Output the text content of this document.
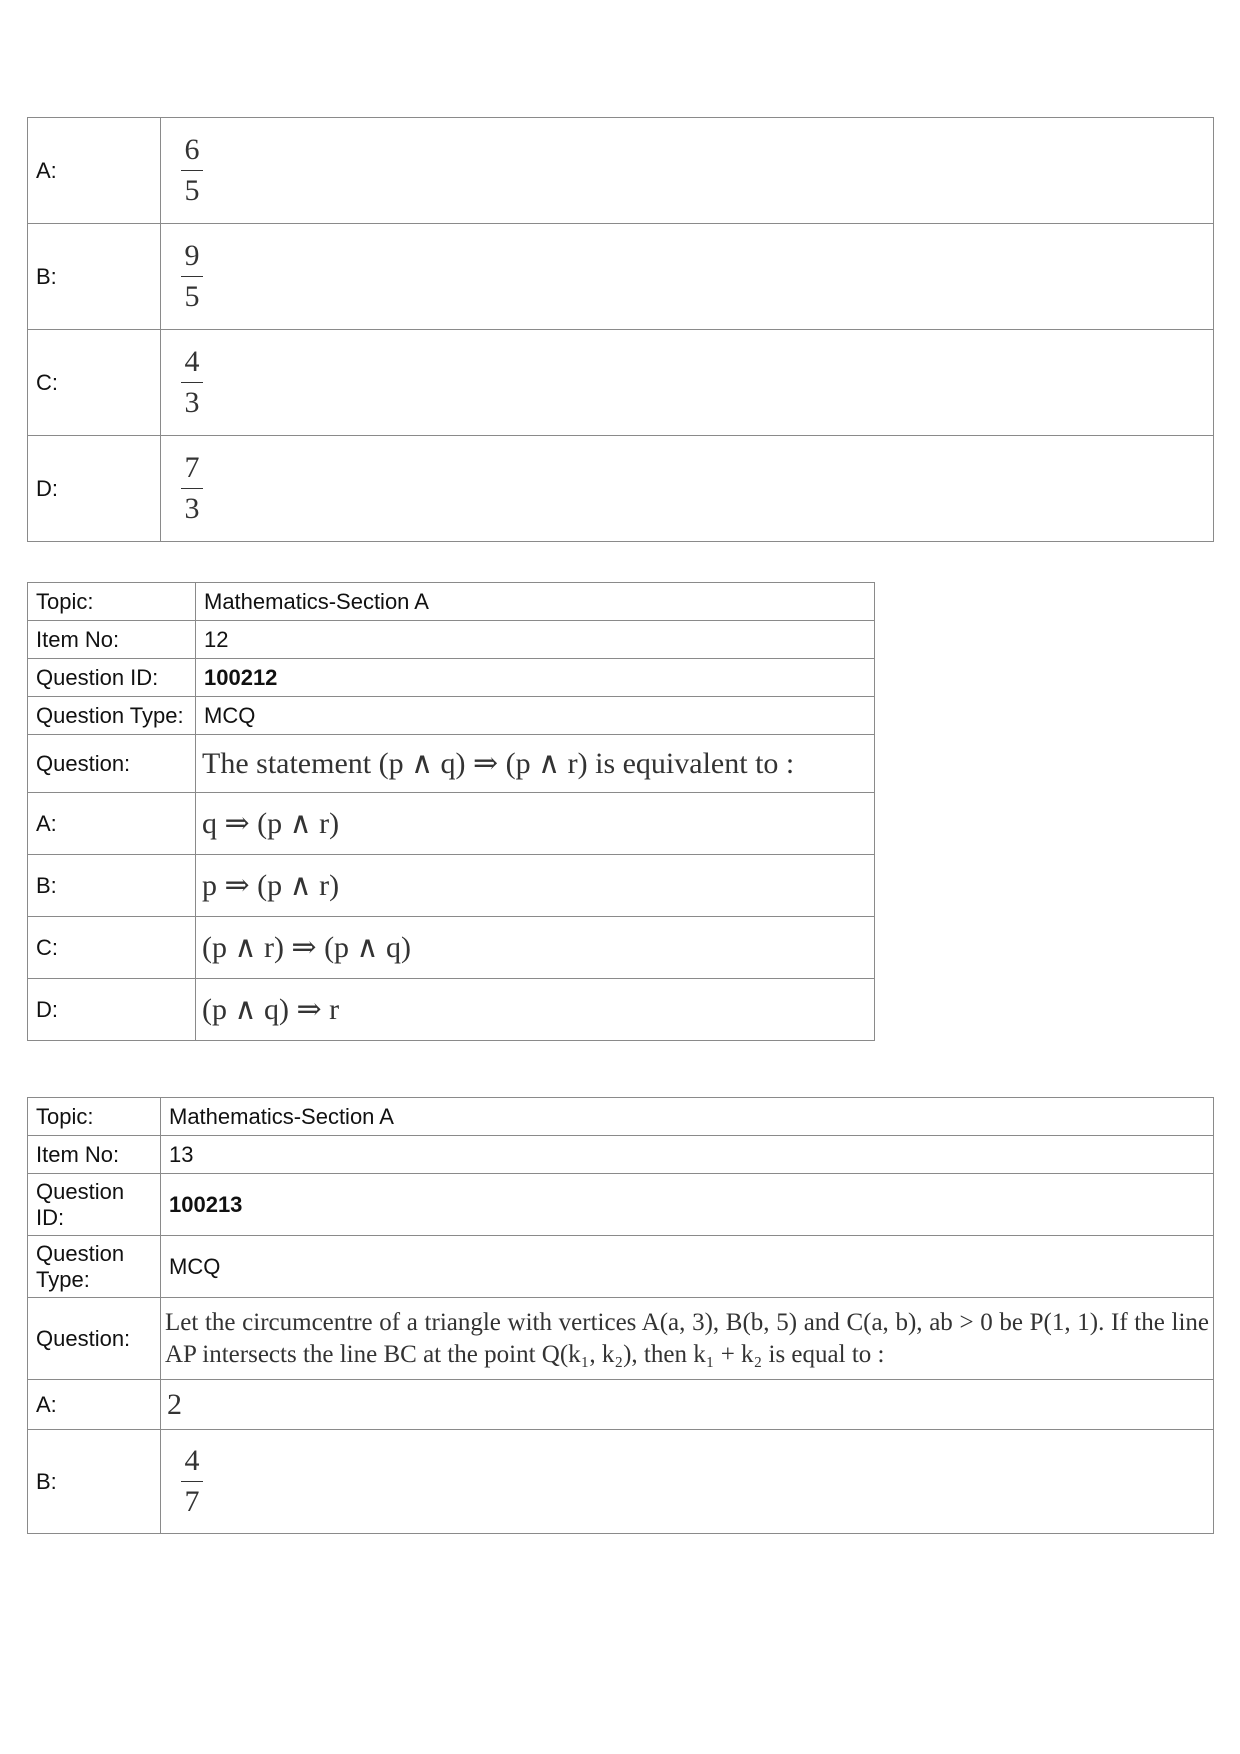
A:	$\frac{6}{5}$

B:	$\frac{9}{5}$

C:	$\frac{4}{3}$

D:	$\frac{7}{3}$
Topic:	Mathematics-Section A
Item No:	12
Question ID:	100212
Question Type:	MCQ
Question:	The statement (p ∧ q) ⇒ (p ∧ r) is equivalent to :
A:	q ⇒ (p ∧ r)
B:	p ⇒ (p ∧ r)
C:	(p ∧ r) ⇒ (p ∧ q)
D:	(p ∧ q) ⇒ r
Topic:	Mathematics-Section A
Item No:	13
Question ID:	100213
Question Type:	MCQ
Question:	Let the circumcentre of a triangle with vertices A(a, 3), B(b, 5) and C(a, b), ab > 0 be P(1, 1). If the line AP intersects the line BC at the point Q(k₁, k₂), then k₁ + k₂ is equal to :
A:	2
B:	$\frac{4}{7}$
